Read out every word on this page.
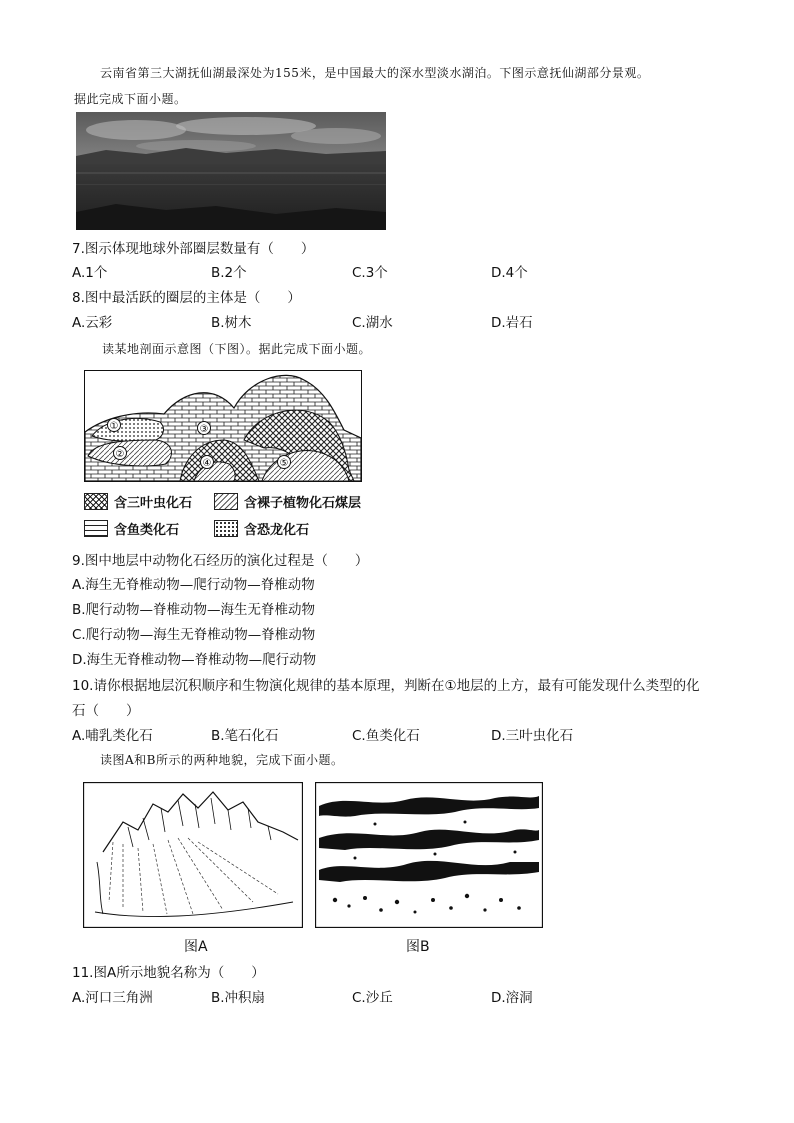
云南省第三大湖抚仙湖最深处为155米，是中国最大的深水型淡水湖泊。下图示意抚仙湖部分景观。
据此完成下面小题。
7.图示体现地球外部圈层数量有（　　）
A.1个	B.2个	C.3个	D.4个
8.图中最活跃的圈层的主体是（　　）
A.云彩	B.树木	C.湖水	D.岩石
读某地剖面示意图（下图）。据此完成下面小题。
①
②
③
④	⑤
含三叶虫化石	含裸子植物化石煤层
含鱼类化石	含恐龙化石
9.图中地层中动物化石经历的演化过程是（　　）
A.海生无脊椎动物—爬行动物—脊椎动物
B.爬行动物—脊椎动物—海生无脊椎动物
C.爬行动物—海生无脊椎动物—脊椎动物
D.海生无脊椎动物—脊椎动物—爬行动物
10.请你根据地层沉积顺序和生物演化规律的基本原理，判断在①地层的上方，最有可能发现什么类型的化
石（　　）
A.哺乳类化石	B.笔石化石	C.鱼类化石	D.三叶虫化石
读图A和B所示的两种地貌，完成下面小题。
图A	图B
11.图A所示地貌名称为（　　）
A.河口三角洲	B.冲积扇	C.沙丘	D.溶洞
